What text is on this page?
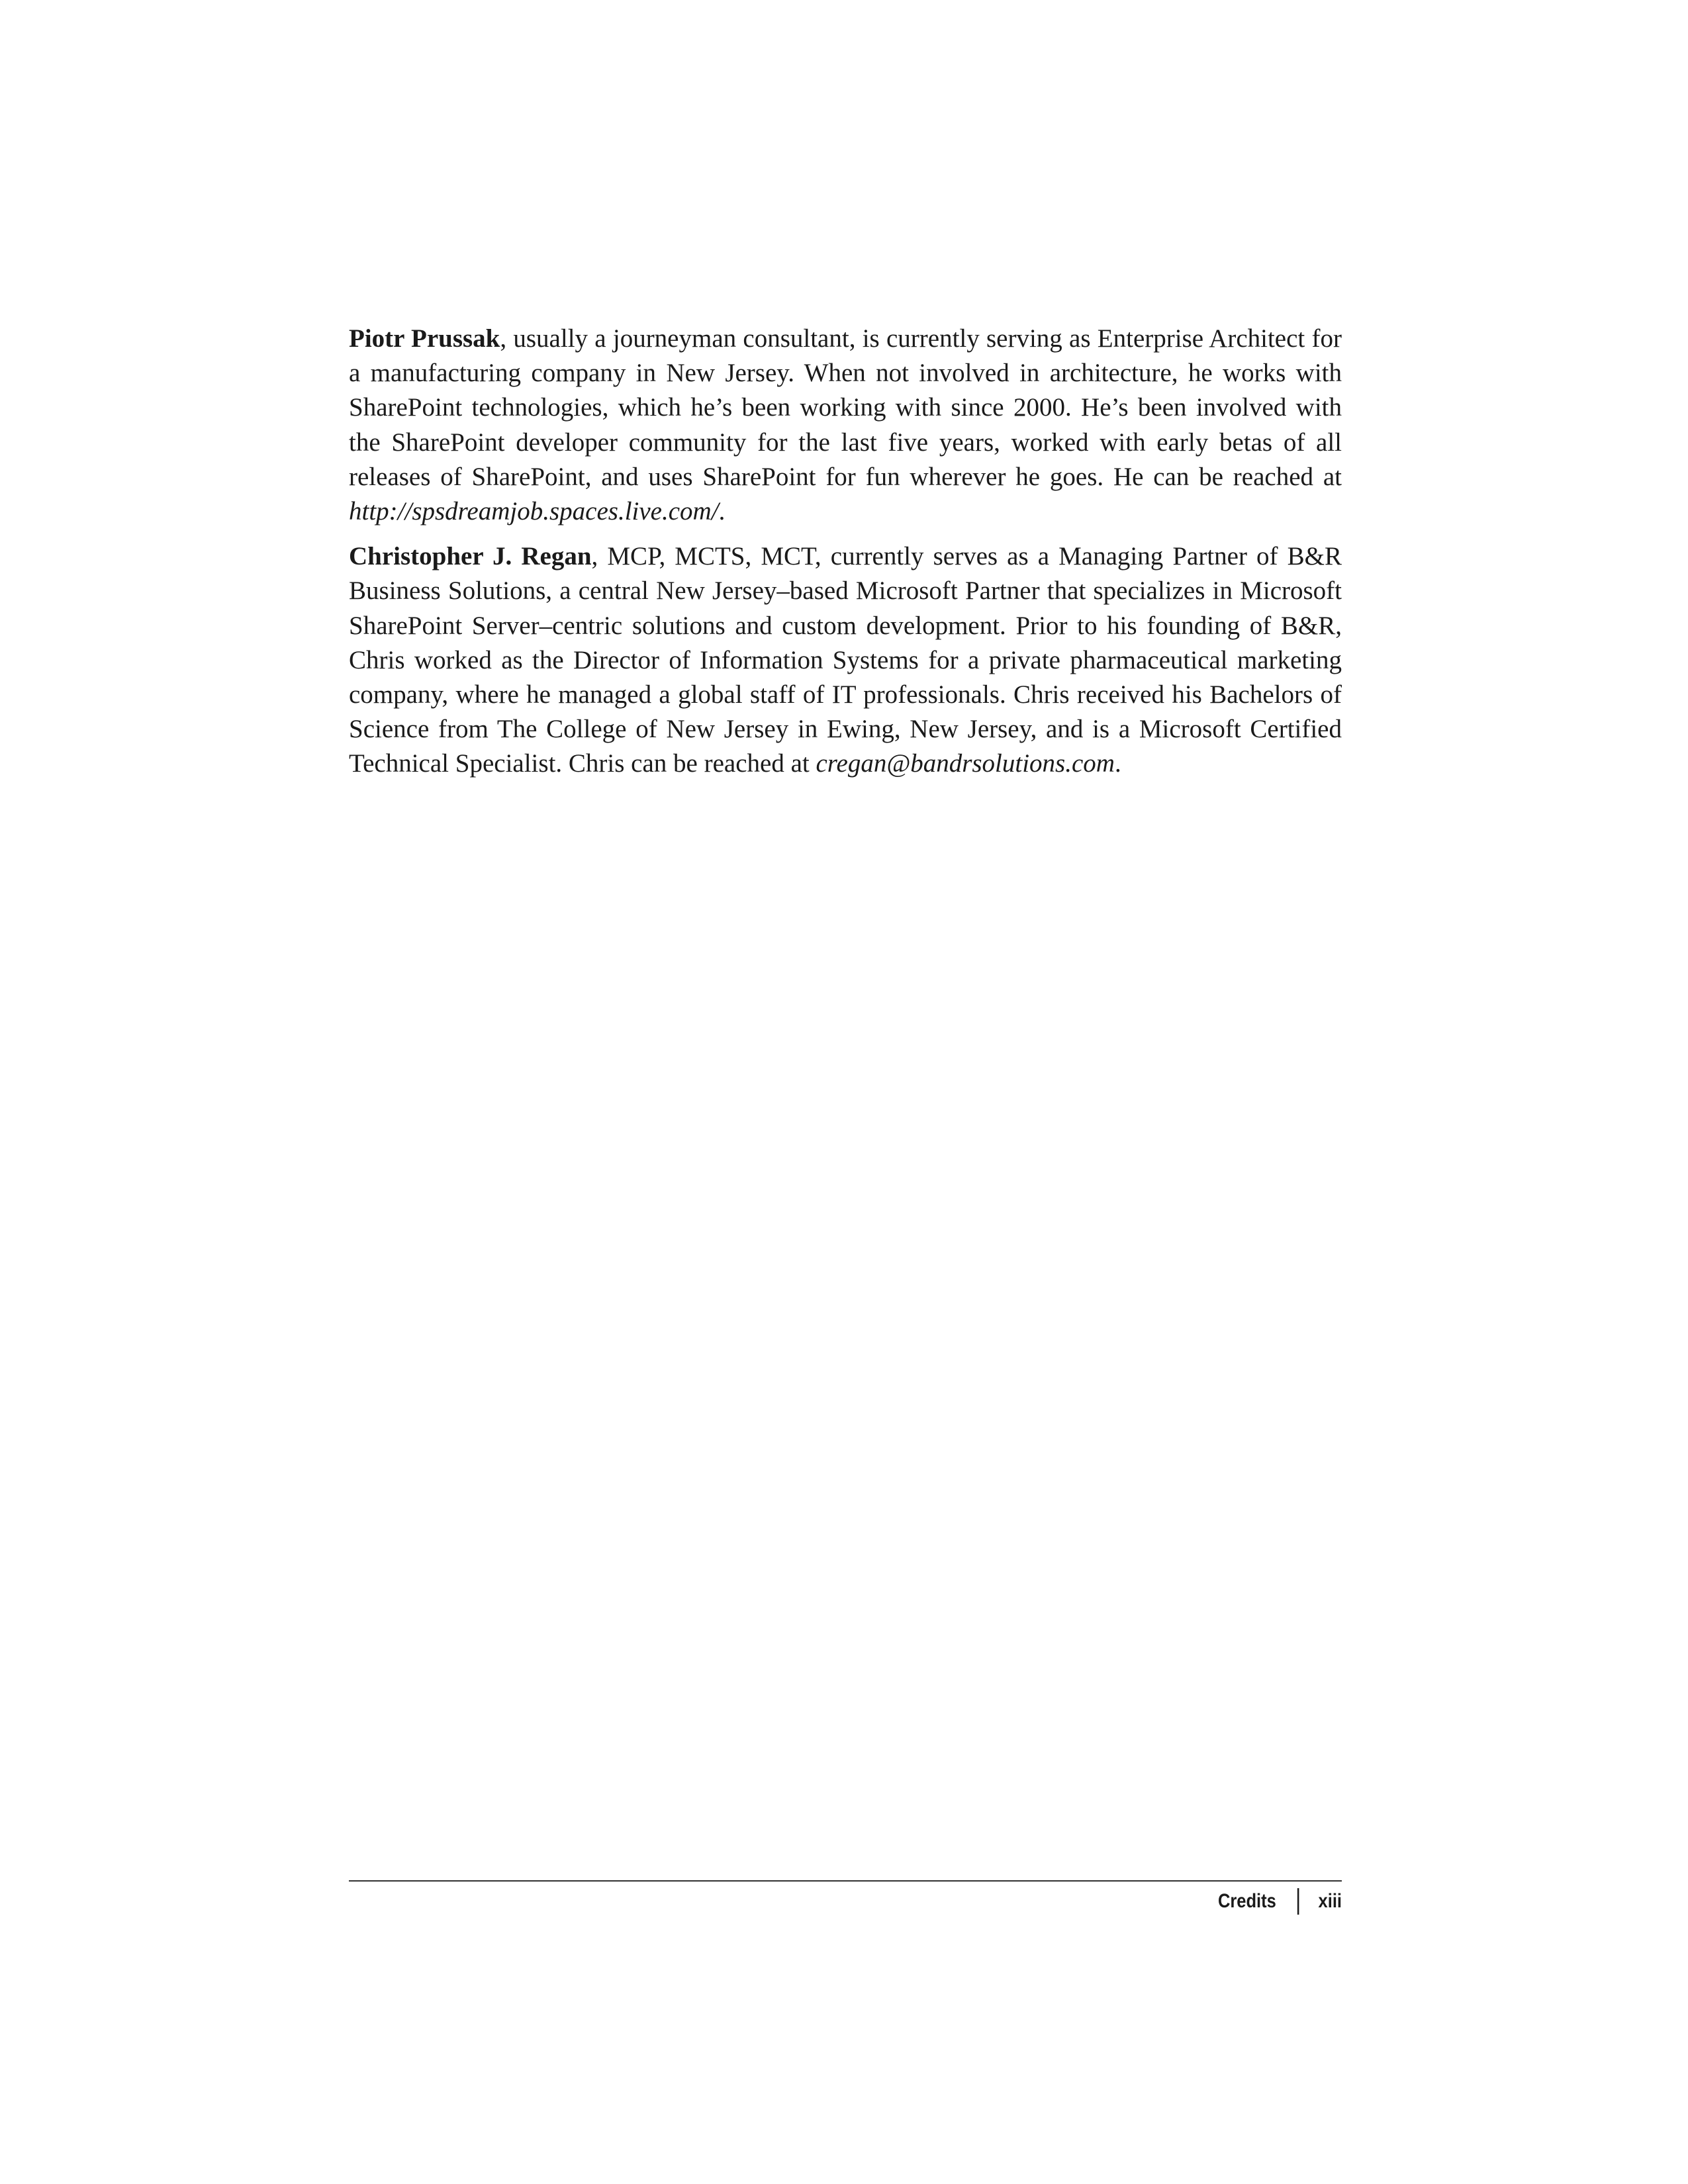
Piotr Prussak, usually a journeyman consultant, is currently serving as Enterprise Architect for a manufacturing company in New Jersey. When not involved in architecture, he works with SharePoint technologies, which he’s been working with since 2000. He’s been involved with the SharePoint developer community for the last five years, worked with early betas of all releases of SharePoint, and uses SharePoint for fun wherever he goes. He can be reached at http://spsdreamjob.spaces.live.com/.

Christopher J. Regan, MCP, MCTS, MCT, currently serves as a Managing Partner of B&R Business Solutions, a central New Jersey–based Microsoft Partner that specializes in Microsoft SharePoint Server–centric solutions and custom development. Prior to his founding of B&R, Chris worked as the Director of Information Systems for a private pharmaceutical marketing company, where he managed a global staff of IT professionals. Chris received his Bachelors of Science from The College of New Jersey in Ewing, New Jersey, and is a Microsoft Certified Technical Specialist. Chris can be reached at cregan@bandrsolutions.com.

Credits xiii
